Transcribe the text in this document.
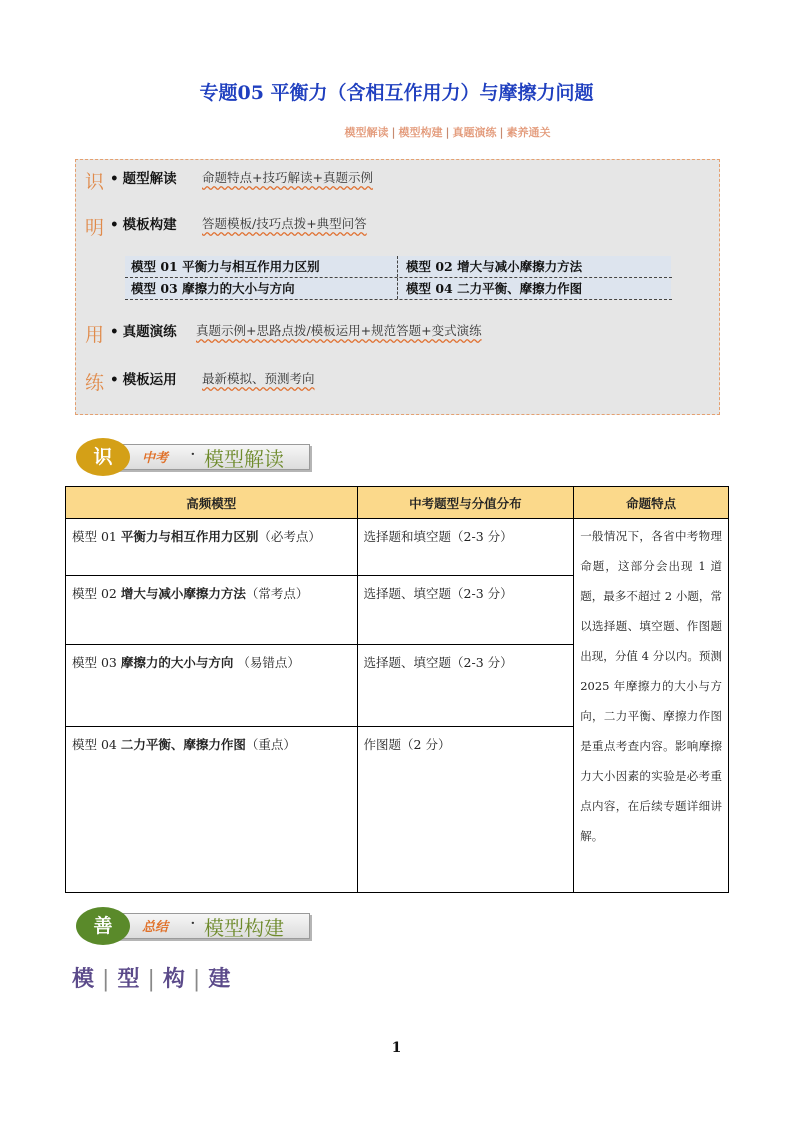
专题05 平衡力（含相互作用力）与摩擦力问题
模型解读 | 模型构建 | 真题演练 | 素养通关
识
明
用
练
• 题型解读 命题特点+技巧解读+真题示例
• 模板构建 答题模板/技巧点拨+典型问答
模型 01 平衡力与相互作用力区别	模型 02 增大与减小摩擦力方法
模型 03 摩擦力的大小与方向	模型 04 二力平衡、摩擦力作图
• 真题演练 真题示例+思路点拨/模板运用+规范答题+变式演练
• 模板运用 最新模拟、预测考向
识	中考 · 模型解读
高频模型	中考题型与分值分布	命题特点
模型 01 平衡力与相互作用力区别（必考点）	选择题和填空题（2-3 分）	一般情况下，各省中考物理命题，这部分会出现 1 道题，最多不超过 2 小题，常以选择题、填空题、作图题出现，分值 4 分以内。预测2025 年摩擦力的大小与方向，二力平衡、摩擦力作图是重点考查内容。影响摩擦力大小因素的实验是必考重点内容，在后续专题详细讲解。
模型 02 增大与减小摩擦力方法（常考点）	选择题、填空题（2-3 分）	
模型 03 摩擦力的大小与方向 （易错点）	选择题、填空题（2-3 分）	
模型 04 二力平衡、摩擦力作图（重点）	作图题（2 分）	
善	总结 · 模型构建
模 | 型 | 构 | 建
1
